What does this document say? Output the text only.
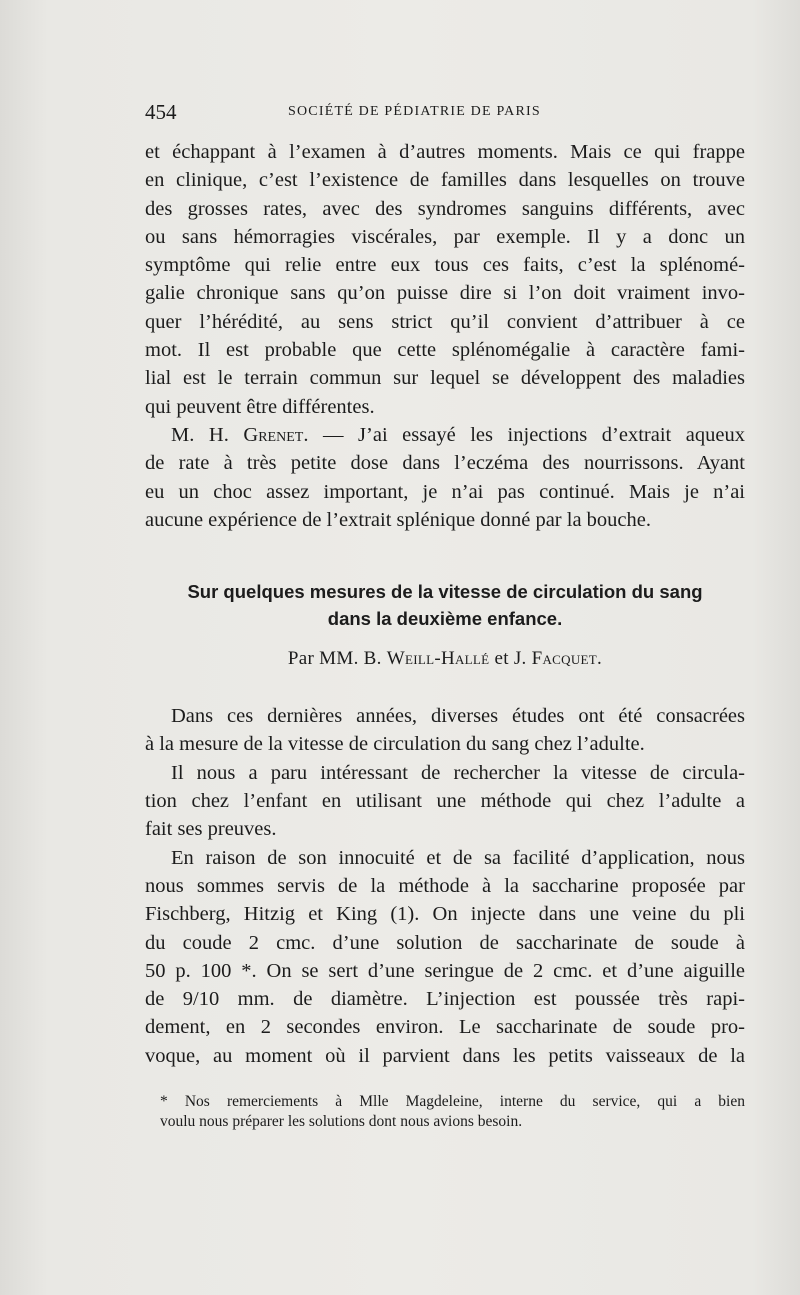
454	SOCIÉTÉ DE PÉDIATRIE DE PARIS
et échappant à l’examen à d’autres moments. Mais ce qui frappe
en clinique, c’est l’existence de familles dans lesquelles on trouve
des grosses rates, avec des syndromes sanguins différents, avec
ou sans hémorragies viscérales, par exemple. Il y a donc un
symptôme qui relie entre eux tous ces faits, c’est la splénomé-
galie chronique sans qu’on puisse dire si l’on doit vraiment invo-
quer l’hérédité, au sens strict qu’il convient d’attribuer à ce
mot. Il est probable que cette splénomégalie à caractère fami-
lial est le terrain commun sur lequel se développent des maladies
qui peuvent être différentes.
M. H. Grenet. — J’ai essayé les injections d’extrait aqueux
de rate à très petite dose dans l’eczéma des nourrissons. Ayant
eu un choc assez important, je n’ai pas continué. Mais je n’ai
aucune expérience de l’extrait splénique donné par la bouche.
Sur quelques mesures de la vitesse de circulation du sang
dans la deuxième enfance.
Par MM. B. Weill-Hallé et J. Facquet.
Dans ces dernières années, diverses études ont été consacrées
à la mesure de la vitesse de circulation du sang chez l’adulte.
Il nous a paru intéressant de rechercher la vitesse de circula-
tion chez l’enfant en utilisant une méthode qui chez l’adulte a
fait ses preuves.
En raison de son innocuité et de sa facilité d’application, nous
nous sommes servis de la méthode à la saccharine proposée par
Fischberg, Hitzig et King (1). On injecte dans une veine du pli
du coude 2 cmc. d’une solution de saccharinate de soude à
50 p. 100 *. On se sert d’une seringue de 2 cmc. et d’une aiguille
de 9/10 mm. de diamètre. L’injection est poussée très rapi-
dement, en 2 secondes environ. Le saccharinate de soude pro-
voque, au moment où il parvient dans les petits vaisseaux de la
* Nos remerciements à Mlle Magdeleine, interne du service, qui a bien
voulu nous préparer les solutions dont nous avions besoin.
